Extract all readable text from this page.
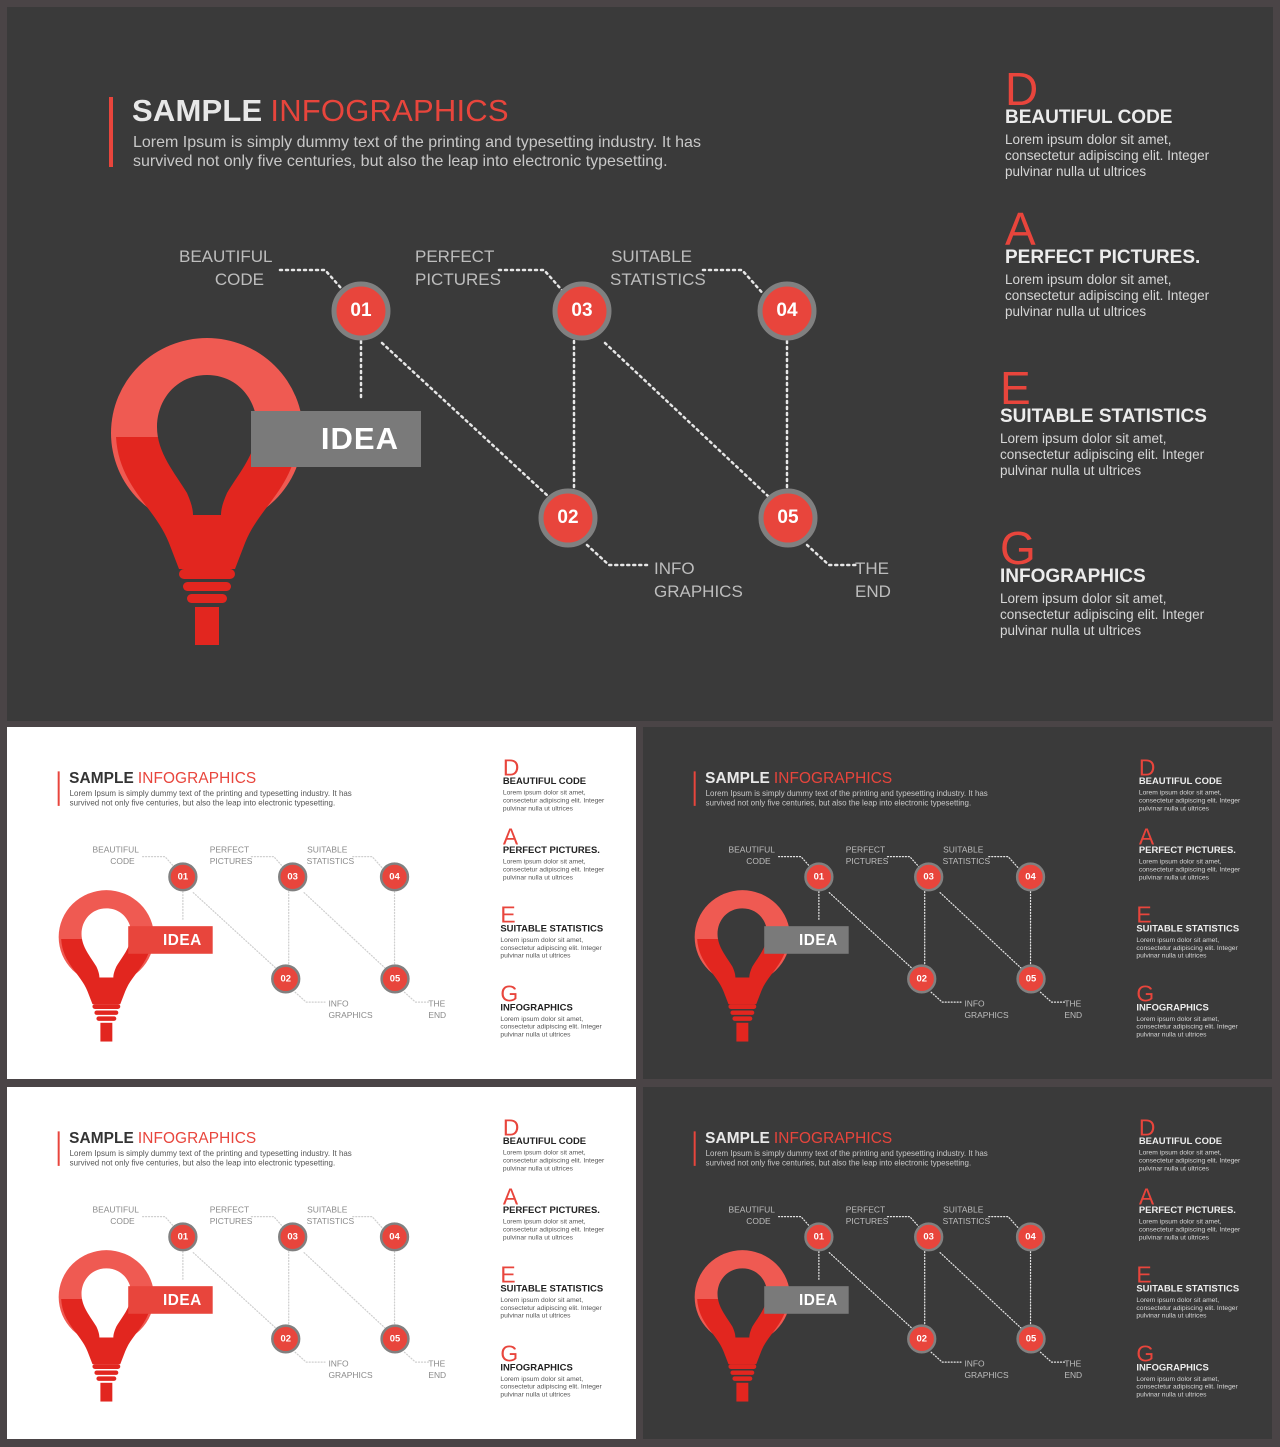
SAMPLE INFOGRAPHICS
Lorem Ipsum is simply dummy text of the printing and typesetting industry. It has survived not only five centuries, but also the leap into electronic typesetting.
IDEA
01
BEAUTIFUL
CODE
02
INFO
GRAPHICS
03
PERFECT
PICTURES
04
SUITABLE
STATISTICS
05
THE
END
D
BEAUTIFUL CODE
Lorem ipsum dolor sit amet, consectetur adipiscing elit. Integer pulvinar nulla ut ultrices
A
PERFECT PICTURES.
Lorem ipsum dolor sit amet, consectetur adipiscing elit. Integer pulvinar nulla ut ultrices
E
SUITABLE STATISTICS
Lorem ipsum dolor sit amet, consectetur adipiscing elit. Integer pulvinar nulla ut ultrices
G
INFOGRAPHICS
Lorem ipsum dolor sit amet, consectetur adipiscing elit. Integer pulvinar nulla ut ultrices
SAMPLE INFOGRAPHICS
Lorem Ipsum is simply dummy text of the printing and typesetting industry. It has survived not only five centuries, but also the leap into electronic typesetting.
IDEA
01
BEAUTIFUL
CODE
02
INFO
GRAPHICS
03
PERFECT
PICTURES
04
SUITABLE
STATISTICS
05
THE
END
D
BEAUTIFUL CODE
Lorem ipsum dolor sit amet, consectetur adipiscing elit. Integer pulvinar nulla ut ultrices
A
PERFECT PICTURES.
Lorem ipsum dolor sit amet, consectetur adipiscing elit. Integer pulvinar nulla ut ultrices
E
SUITABLE STATISTICS
Lorem ipsum dolor sit amet, consectetur adipiscing elit. Integer pulvinar nulla ut ultrices
G
INFOGRAPHICS
Lorem ipsum dolor sit amet, consectetur adipiscing elit. Integer pulvinar nulla ut ultrices
SAMPLE INFOGRAPHICS
Lorem Ipsum is simply dummy text of the printing and typesetting industry. It has survived not only five centuries, but also the leap into electronic typesetting.
IDEA
01
BEAUTIFUL
CODE
02
INFO
GRAPHICS
03
PERFECT
PICTURES
04
SUITABLE
STATISTICS
05
THE
END
D
BEAUTIFUL CODE
Lorem ipsum dolor sit amet, consectetur adipiscing elit. Integer pulvinar nulla ut ultrices
A
PERFECT PICTURES.
Lorem ipsum dolor sit amet, consectetur adipiscing elit. Integer pulvinar nulla ut ultrices
E
SUITABLE STATISTICS
Lorem ipsum dolor sit amet, consectetur adipiscing elit. Integer pulvinar nulla ut ultrices
G
INFOGRAPHICS
Lorem ipsum dolor sit amet, consectetur adipiscing elit. Integer pulvinar nulla ut ultrices
SAMPLE INFOGRAPHICS
Lorem Ipsum is simply dummy text of the printing and typesetting industry. It has survived not only five centuries, but also the leap into electronic typesetting.
IDEA
01
BEAUTIFUL
CODE
02
INFO
GRAPHICS
03
PERFECT
PICTURES
04
SUITABLE
STATISTICS
05
THE
END
D
BEAUTIFUL CODE
Lorem ipsum dolor sit amet, consectetur adipiscing elit. Integer pulvinar nulla ut ultrices
A
PERFECT PICTURES.
Lorem ipsum dolor sit amet, consectetur adipiscing elit. Integer pulvinar nulla ut ultrices
E
SUITABLE STATISTICS
Lorem ipsum dolor sit amet, consectetur adipiscing elit. Integer pulvinar nulla ut ultrices
G
INFOGRAPHICS
Lorem ipsum dolor sit amet, consectetur adipiscing elit. Integer pulvinar nulla ut ultrices
SAMPLE INFOGRAPHICS
Lorem Ipsum is simply dummy text of the printing and typesetting industry. It has survived not only five centuries, but also the leap into electronic typesetting.
IDEA
01
BEAUTIFUL
CODE
02
INFO
GRAPHICS
03
PERFECT
PICTURES
04
SUITABLE
STATISTICS
05
THE
END
D
BEAUTIFUL CODE
Lorem ipsum dolor sit amet, consectetur adipiscing elit. Integer pulvinar nulla ut ultrices
A
PERFECT PICTURES.
Lorem ipsum dolor sit amet, consectetur adipiscing elit. Integer pulvinar nulla ut ultrices
E
SUITABLE STATISTICS
Lorem ipsum dolor sit amet, consectetur adipiscing elit. Integer pulvinar nulla ut ultrices
G
INFOGRAPHICS
Lorem ipsum dolor sit amet, consectetur adipiscing elit. Integer pulvinar nulla ut ultrices
